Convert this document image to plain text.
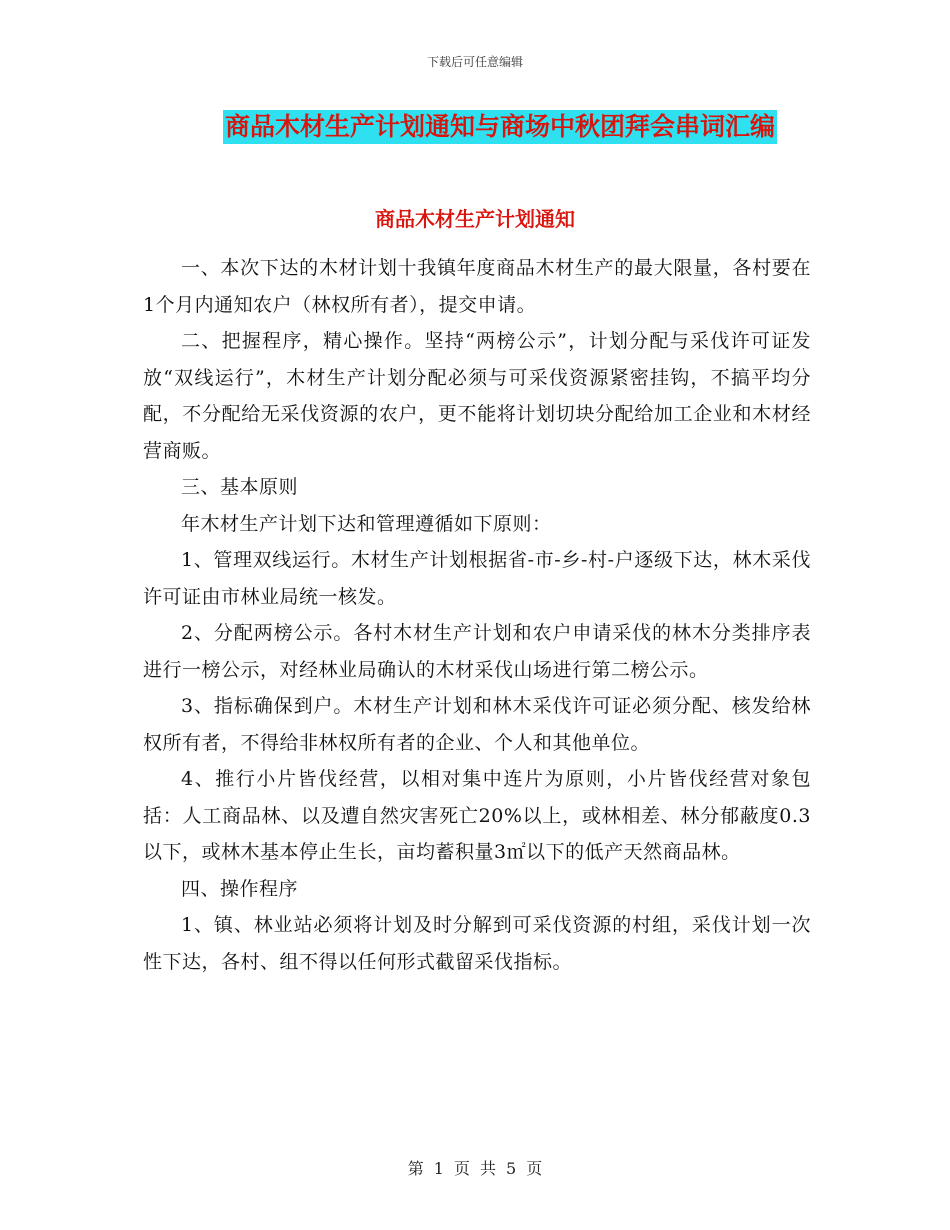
下载后可任意编辑
商品木材生产计划通知与商场中秋团拜会串词汇编
商品木材生产计划通知

一、本次下达的木材计划十我镇年度商品木材生产的最大限量，各村要在1个月内通知农户（林权所有者），提交申请。

二、把握程序，精心操作。坚持“两榜公示”，计划分配与采伐许可证发放“双线运行”，木材生产计划分配必须与可采伐资源紧密挂钩，不搞平均分配，不分配给无采伐资源的农户，更不能将计划切块分配给加工企业和木材经营商贩。

三、基本原则

年木材生产计划下达和管理遵循如下原则：

1、管理双线运行。木材生产计划根据省-市-乡-村-户逐级下达，林木采伐许可证由市林业局统一核发。

2、分配两榜公示。各村木材生产计划和农户申请采伐的林木分类排序表进行一榜公示，对经林业局确认的木材采伐山场进行第二榜公示。

3、指标确保到户。木材生产计划和林木采伐许可证必须分配、核发给林权所有者，不得给非林权所有者的企业、个人和其他单位。

4、推行小片皆伐经营，以相对集中连片为原则，小片皆伐经营对象包括：人工商品林、以及遭自然灾害死亡20%以上，或林相差、林分郁蔽度0.3以下，或林木基本停止生长，亩均蓄积量3㎡以下的低产天然商品林。

四、操作程序

1、镇、林业站必须将计划及时分解到可采伐资源的村组，采伐计划一次性下达，各村、组不得以任何形式截留采伐指标。

第 1 页 共 5 页
